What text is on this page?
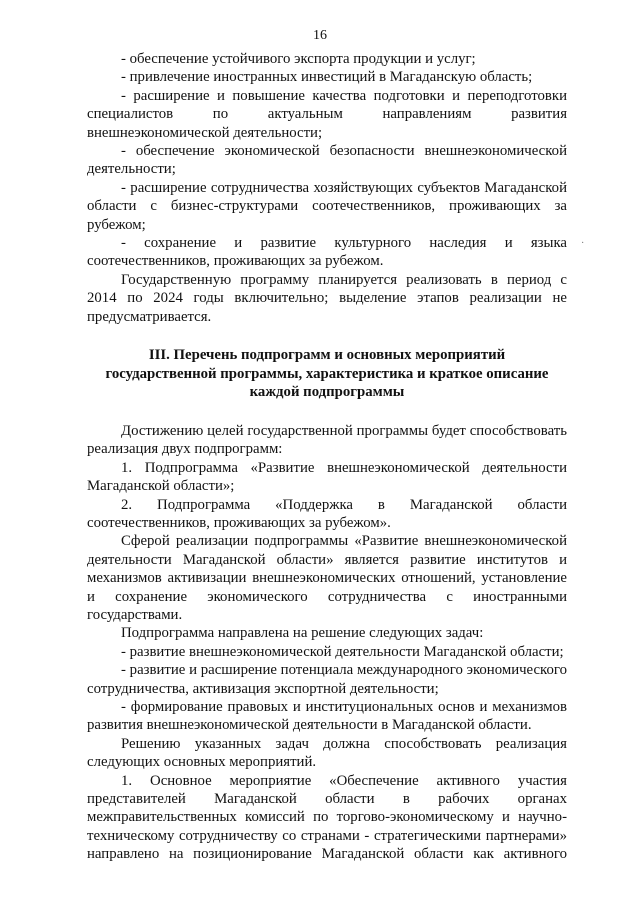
16

- обеспечение устойчивого экспорта продукции и услуг;

- привлечение иностранных инвестиций в Магаданскую область;

- расширение и повышение качества подготовки и переподготовки специалистов по актуальным направлениям развития внешнеэкономической деятельности;

- обеспечение экономической безопасности внешнеэкономической деятельности;

- расширение сотрудничества хозяйствующих субъектов Магаданской области с бизнес-структурами соотечественников, проживающих за рубежом;

- сохранение и развитие культурного наследия и языка соотечественников, проживающих за рубежом.

Государственную программу планируется реализовать в период с 2014 по 2024 годы включительно; выделение этапов реализации не предусматривается.

III. Перечень подпрограмм и основных мероприятий
государственной программы, характеристика и краткое описание
каждой подпрограммы

Достижению целей государственной программы будет способствовать реализация двух подпрограмм:

1. Подпрограмма «Развитие внешнеэкономической деятельности Магаданской области»;

2. Подпрограмма «Поддержка в Магаданской области соотечественников, проживающих за рубежом».

Сферой реализации подпрограммы «Развитие внешнеэкономической деятельности Магаданской области» является развитие институтов и механизмов активизации внешнеэкономических отношений, установление и сохранение экономического сотрудничества с иностранными государствами.

Подпрограмма направлена на решение следующих задач:

- развитие внешнеэкономической деятельности Магаданской области;

- развитие и расширение потенциала международного экономического сотрудничества, активизация экспортной деятельности;

- формирование правовых и институциональных основ и механизмов развития внешнеэкономической деятельности в Магаданской области.

Решению указанных задач должна способствовать реализация следующих основных мероприятий.

1. Основное мероприятие «Обеспечение активного участия представителей Магаданской области в рабочих органах межправительственных комиссий по торгово-экономическому и научно-техническому сотрудничеству со странами - стратегическими партнерами» направлено на позиционирование Магаданской области как активного

·
